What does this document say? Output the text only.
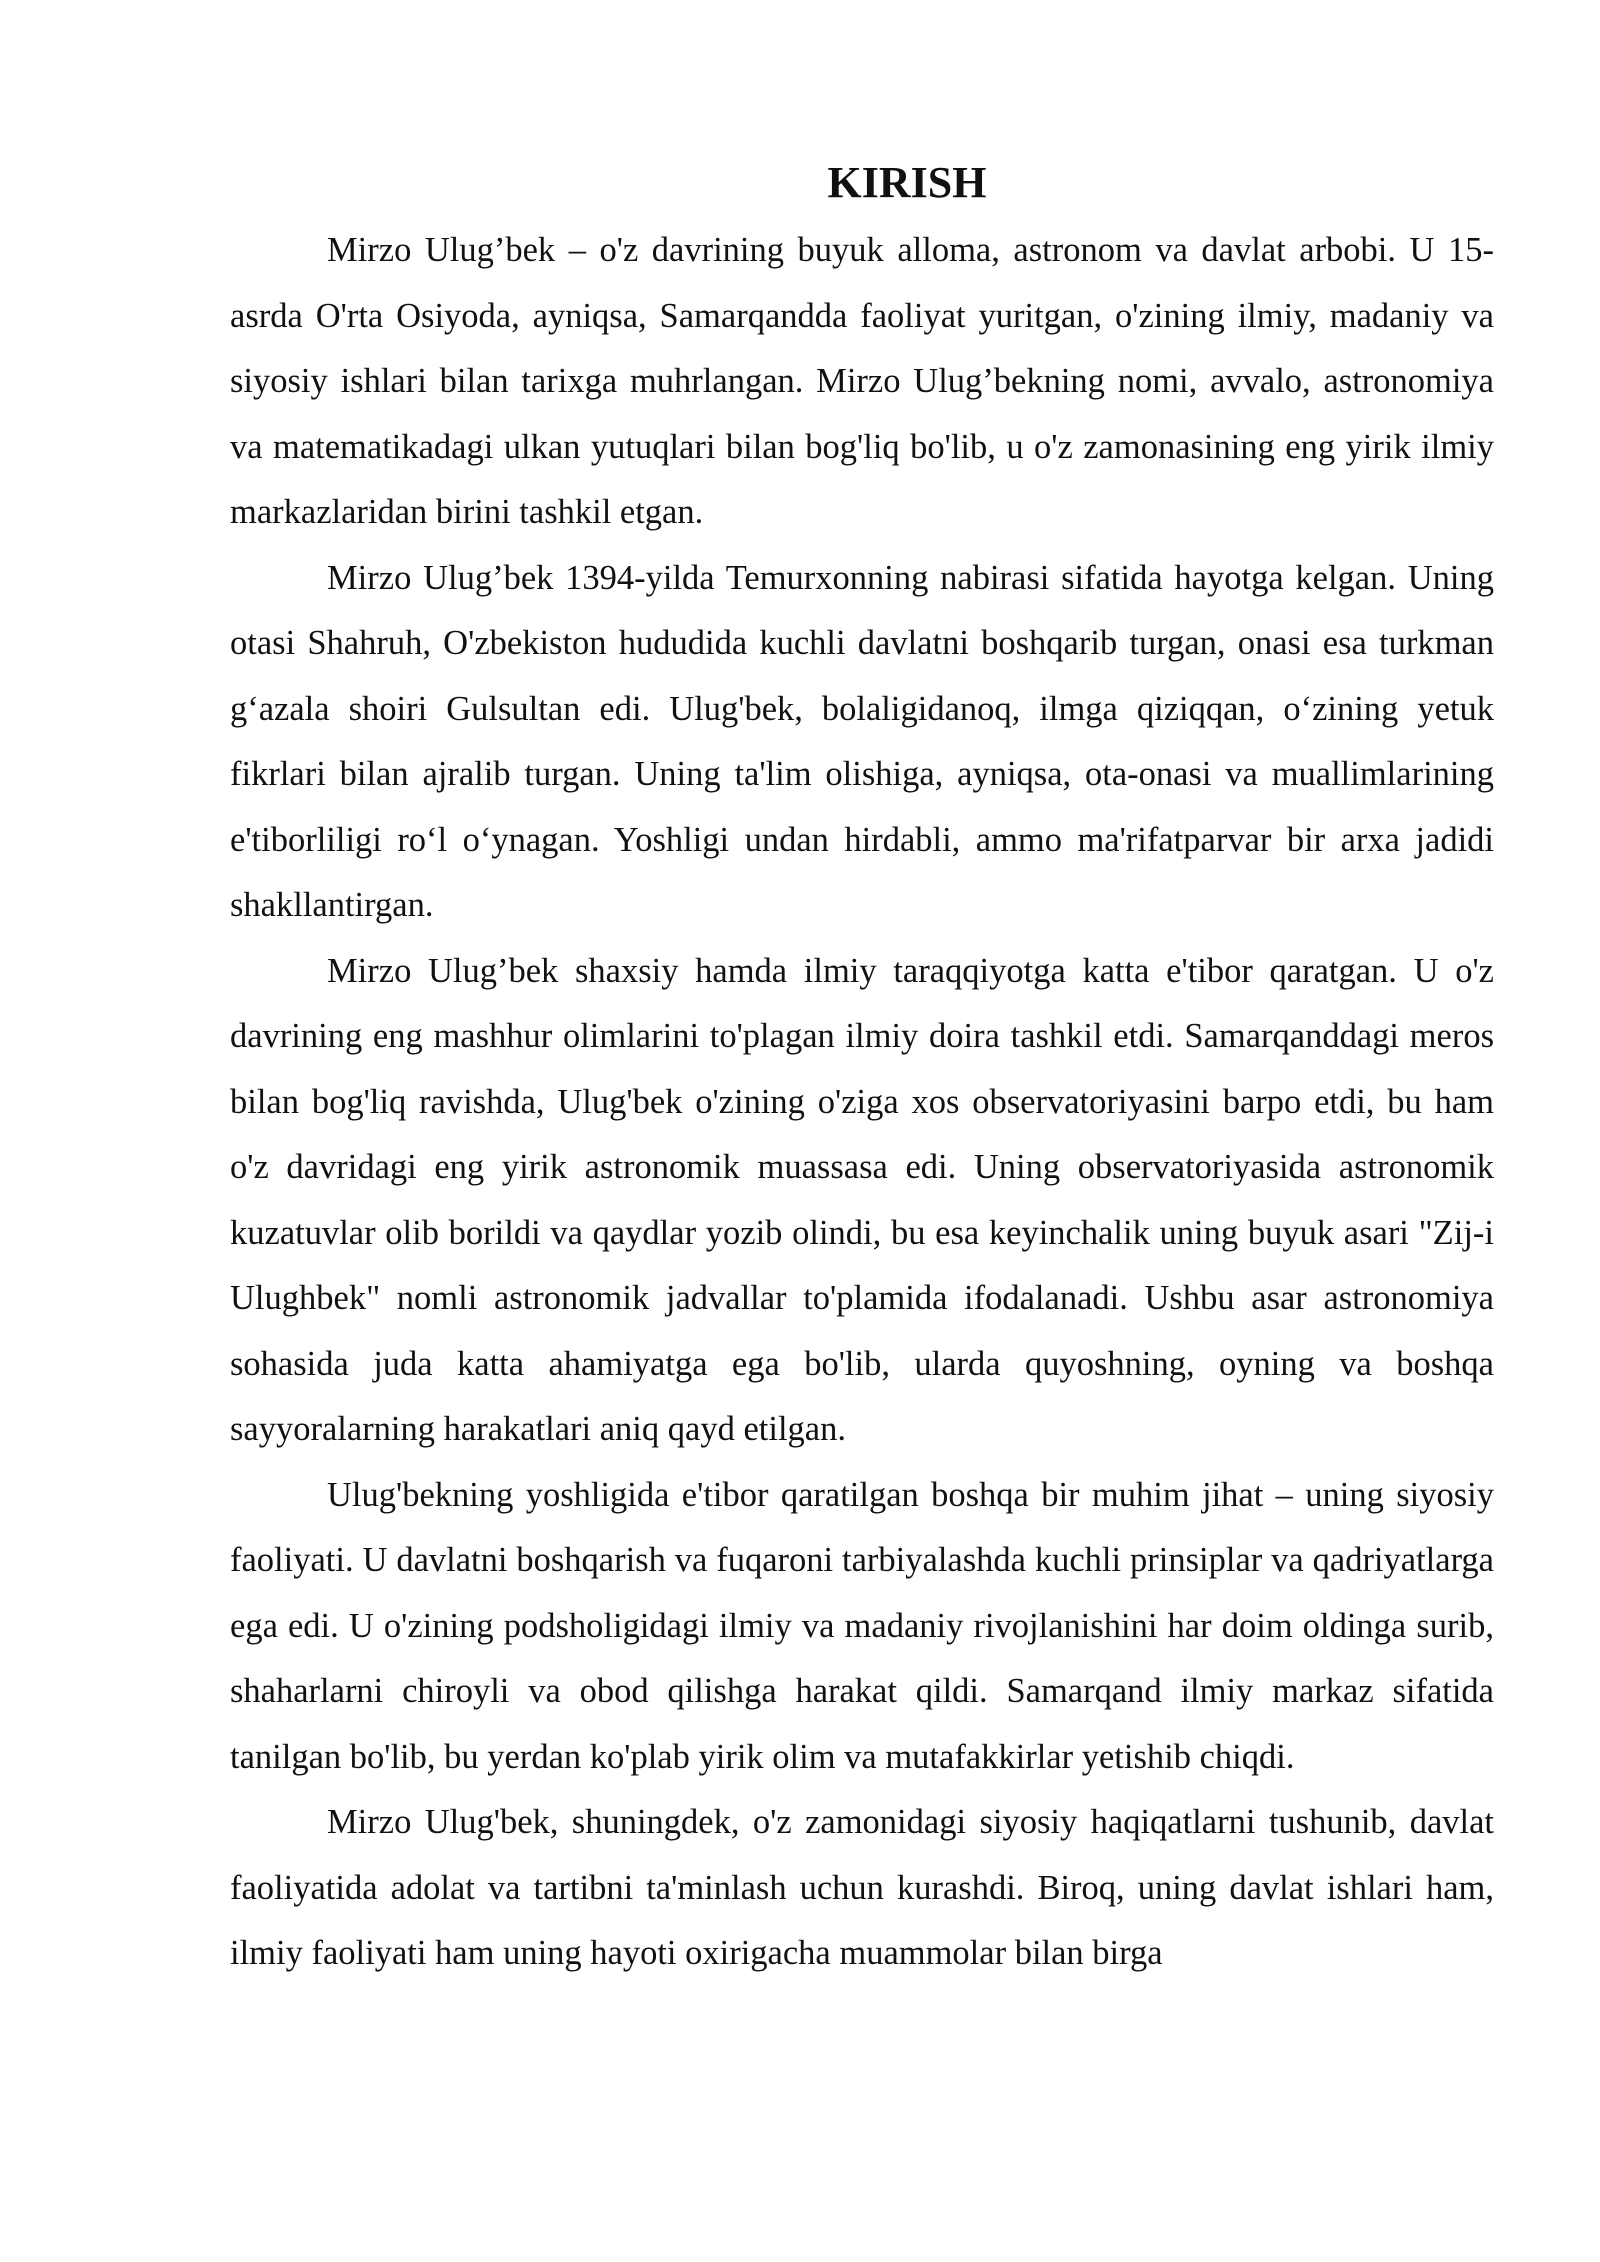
KIRISH

Mirzo Ulug’bek – o'z davrining buyuk alloma, astronom va davlat arbobi. U 15-asrda O'rta Osiyoda, ayniqsa, Samarqandda faoliyat yuritgan, o'zining ilmiy, madaniy va siyosiy ishlari bilan tarixga muhrlangan. Mirzo Ulug’bekning nomi, avvalo, astronomiya va matematikadagi ulkan yutuqlari bilan bog'liq bo'lib, u o'z zamonasining eng yirik ilmiy markazlaridan birini tashkil etgan.

Mirzo Ulug’bek 1394-yilda Temurxonning nabirasi sifatida hayotga kelgan. Uning otasi Shahruh, O'zbekiston hududida kuchli davlatni boshqarib turgan, onasi esa turkman g‘azala shoiri Gulsultan edi. Ulug'bek, bolaligidanoq, ilmga qiziqqan, o‘zining yetuk fikrlari bilan ajralib turgan. Uning ta'lim olishiga, ayniqsa, ota-onasi va muallimlarining e'tiborliligi ro‘l o‘ynagan. Yoshligi undan hirdabli, ammo ma'rifatparvar bir arxa jadidi shakllantirgan.

Mirzo Ulug’bek shaxsiy hamda ilmiy taraqqiyotga katta e'tibor qaratgan. U o'z davrining eng mashhur olimlarini to'plagan ilmiy doira tashkil etdi. Samarqanddagi meros bilan bog'liq ravishda, Ulug'bek o'zining o'ziga xos observatoriyasini barpo etdi, bu ham o'z davridagi eng yirik astronomik muassasa edi. Uning observatoriyasida astronomik kuzatuvlar olib borildi va qaydlar yozib olindi, bu esa keyinchalik uning buyuk asari "Zij-i Ulughbek" nomli astronomik jadvallar to'plamida ifodalanadi. Ushbu asar astronomiya sohasida juda katta ahamiyatga ega bo'lib, ularda quyoshning, oyning va boshqa sayyoralarning harakatlari aniq qayd etilgan.

Ulug'bekning yoshligida e'tibor qaratilgan boshqa bir muhim jihat – uning siyosiy faoliyati. U davlatni boshqarish va fuqaroni tarbiyalashda kuchli prinsiplar va qadriyatlarga ega edi. U o'zining podsholigidagi ilmiy va madaniy rivojlanishini har doim oldinga surib, shaharlarni chiroyli va obod qilishga harakat qildi. Samarqand ilmiy markaz sifatida tanilgan bo'lib, bu yerdan ko'plab yirik olim va mutafakkirlar yetishib chiqdi.

Mirzo Ulug'bek, shuningdek, o'z zamonidagi siyosiy haqiqatlarni tushunib, davlat faoliyatida adolat va tartibni ta'minlash uchun kurashdi. Biroq, uning davlat ishlari ham, ilmiy faoliyati ham uning hayoti oxirigacha muammolar bilan birga
